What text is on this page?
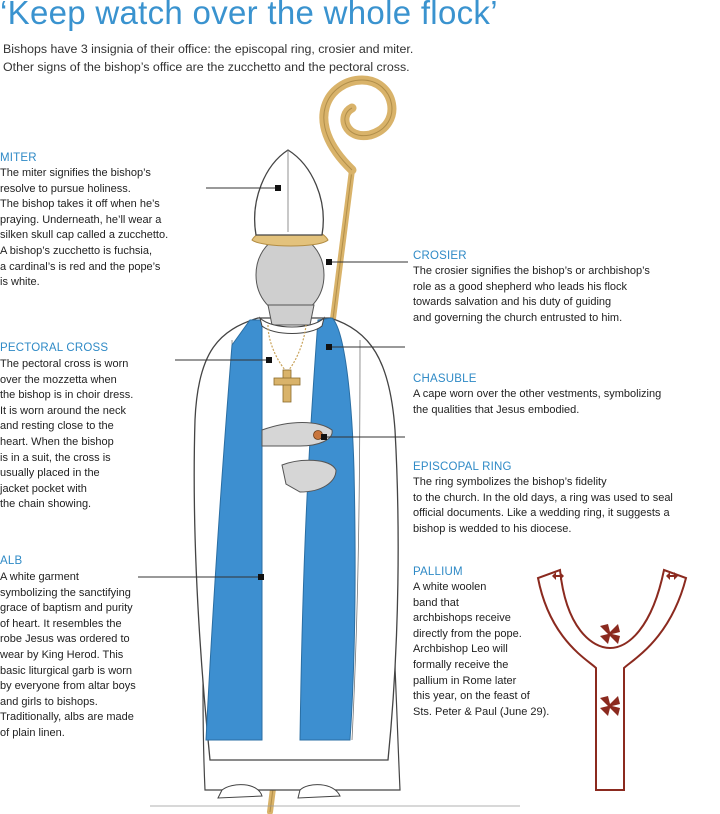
‘Keep watch over the whole flock’
Bishops have 3 insignia of their office: the episcopal ring, crosier and miter.
Other signs of the bishop’s office are the zucchetto and the pectoral cross.
MITER
The miter signifies the bishop’s
resolve to pursue holiness.
The bishop takes it off when he’s
praying. Underneath, he’ll wear a
silken skull cap called a zucchetto.
A bishop’s zucchetto is fuchsia,
a cardinal’s is red and the pope’s
is white.
PECTORAL CROSS
The pectoral cross is worn
over the mozzetta when
the bishop is in choir dress.
It is worn around the neck
and resting close to the
heart. When the bishop
is in a suit, the cross is
usually placed in the
jacket pocket with
the chain showing.
ALB
A white garment
symbolizing the sanctifying
grace of baptism and purity
of heart. It resembles the
robe Jesus was ordered to
wear by King Herod. This
basic liturgical garb is worn
by everyone from altar boys
and girls to bishops.
Traditionally, albs are made
of plain linen.
CROSIER
The crosier signifies the bishop’s or archbishop’s
role as a good shepherd who leads his flock
towards salvation and his duty of guiding
and governing the church entrusted to him.
CHASUBLE
A cape worn over the other vestments, symbolizing
the qualities that Jesus embodied.
EPISCOPAL RING
The ring symbolizes the bishop’s fidelity
to the church. In the old days, a ring was used to seal
official documents. Like a wedding ring, it suggests a
bishop is wedded to his diocese.
PALLIUM
A white woolen
band that
archbishops receive
directly from the pope.
Archbishop Leo will
formally receive the
pallium in Rome later
this year, on the feast of
Sts. Peter & Paul (June 29).
